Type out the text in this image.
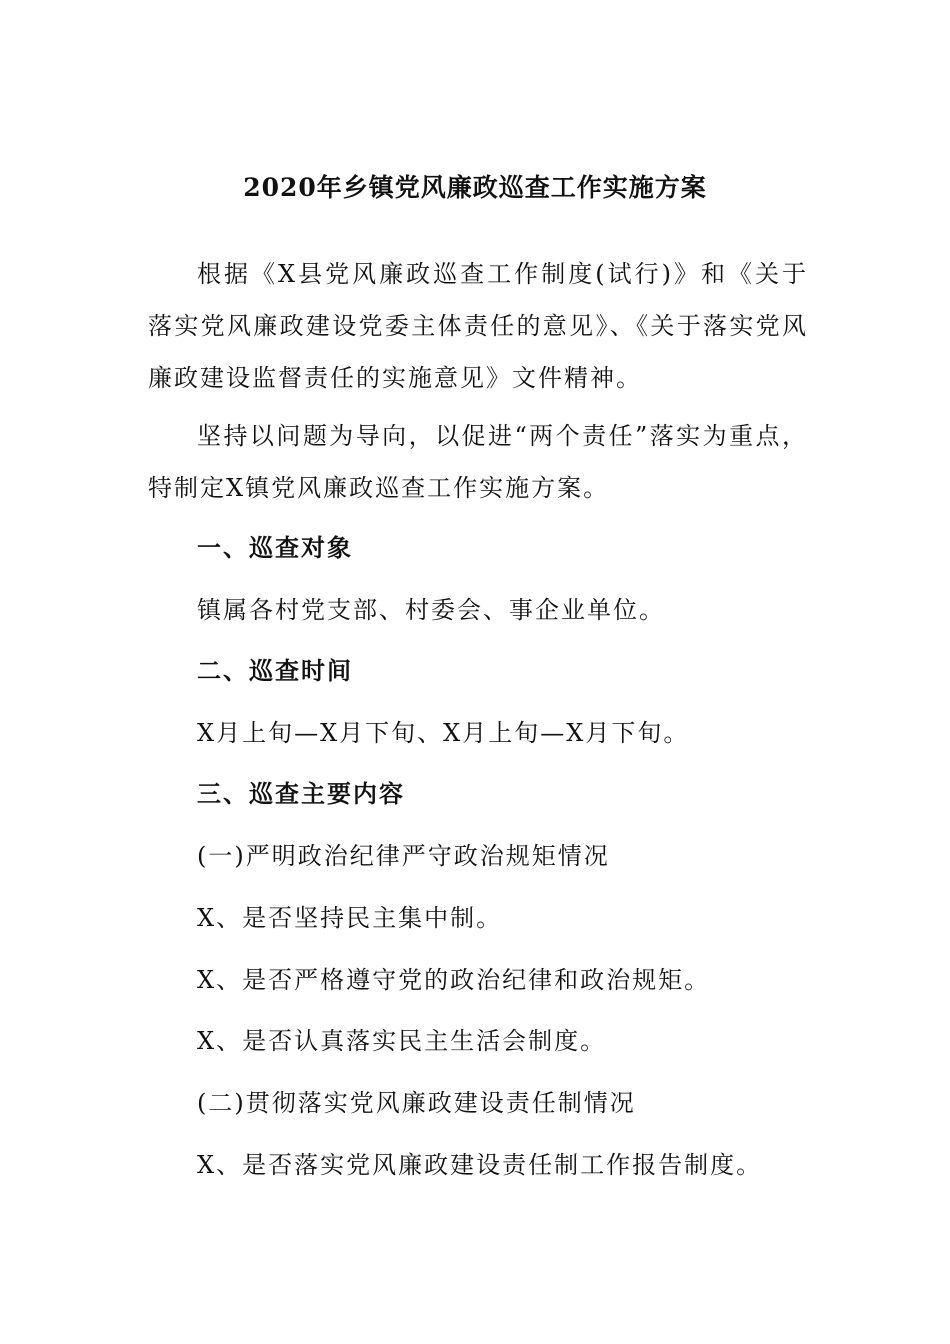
2020年乡镇党风廉政巡查工作实施方案
根据《X县党风廉政巡查工作制度(试行)》和《关于落实党风廉政建设党委主体责任的意见》、《关于落实党风廉政建设监督责任的实施意见》文件精神。
坚持以问题为导向，以促进“两个责任”落实为重点，特制定X镇党风廉政巡查工作实施方案。
一、巡查对象
镇属各村党支部、村委会、事企业单位。
二、巡查时间
X月上旬—X月下旬、X月上旬—X月下旬。
三、巡查主要内容
(一)严明政治纪律严守政治规矩情况
X、是否坚持民主集中制。
X、是否严格遵守党的政治纪律和政治规矩。
X、是否认真落实民主生活会制度。
(二)贯彻落实党风廉政建设责任制情况
X、是否落实党风廉政建设责任制工作报告制度。
